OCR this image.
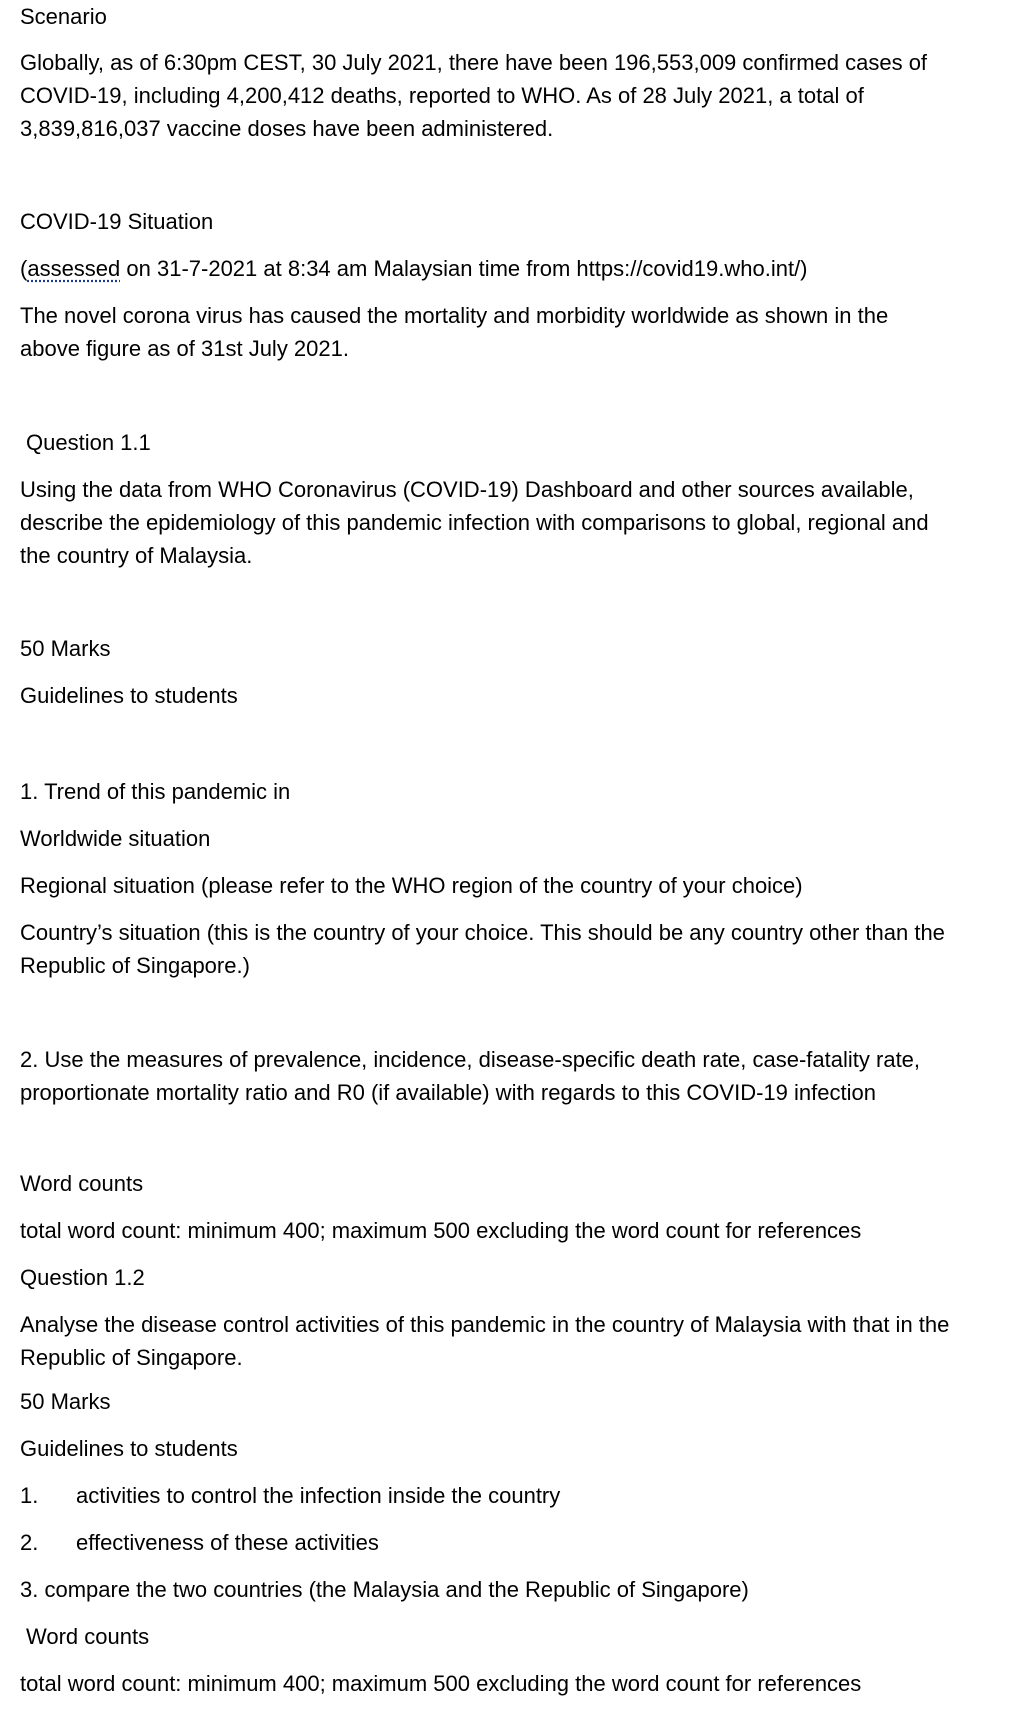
Scenario

Globally, as of 6:30pm CEST, 30 July 2021, there have been 196,553,009 confirmed cases of COVID-19, including 4,200,412 deaths, reported to WHO. As of 28 July 2021, a total of 3,839,816,037 vaccine doses have been administered.

COVID-19 Situation

(assessed on 31-7-2021 at 8:34 am Malaysian time from https://covid19.who.int/)

The novel corona virus has caused the mortality and morbidity worldwide as shown in the above figure as of 31st July 2021.

Question 1.1

Using the data from WHO Coronavirus (COVID-19) Dashboard and other sources available, describe the epidemiology of this pandemic infection with comparisons to global, regional and the country of Malaysia.

50 Marks

Guidelines to students

1. Trend of this pandemic in

Worldwide situation

Regional situation (please refer to the WHO region of the country of your choice)

Country’s situation (this is the country of your choice. This should be any country other than the Republic of Singapore.)

2. Use the measures of prevalence, incidence, disease-specific death rate, case-fatality rate, proportionate mortality ratio and R0 (if available) with regards to this COVID-19 infection

Word counts

total word count: minimum 400; maximum 500 excluding the word count for references

Question 1.2

Analyse the disease control activities of this pandemic in the country of Malaysia with that in the Republic of Singapore.

50 Marks

Guidelines to students

1. activities to control the infection inside the country

2. effectiveness of these activities

3. compare the two countries (the Malaysia and the Republic of Singapore)

Word counts

total word count: minimum 400; maximum 500 excluding the word count for references
